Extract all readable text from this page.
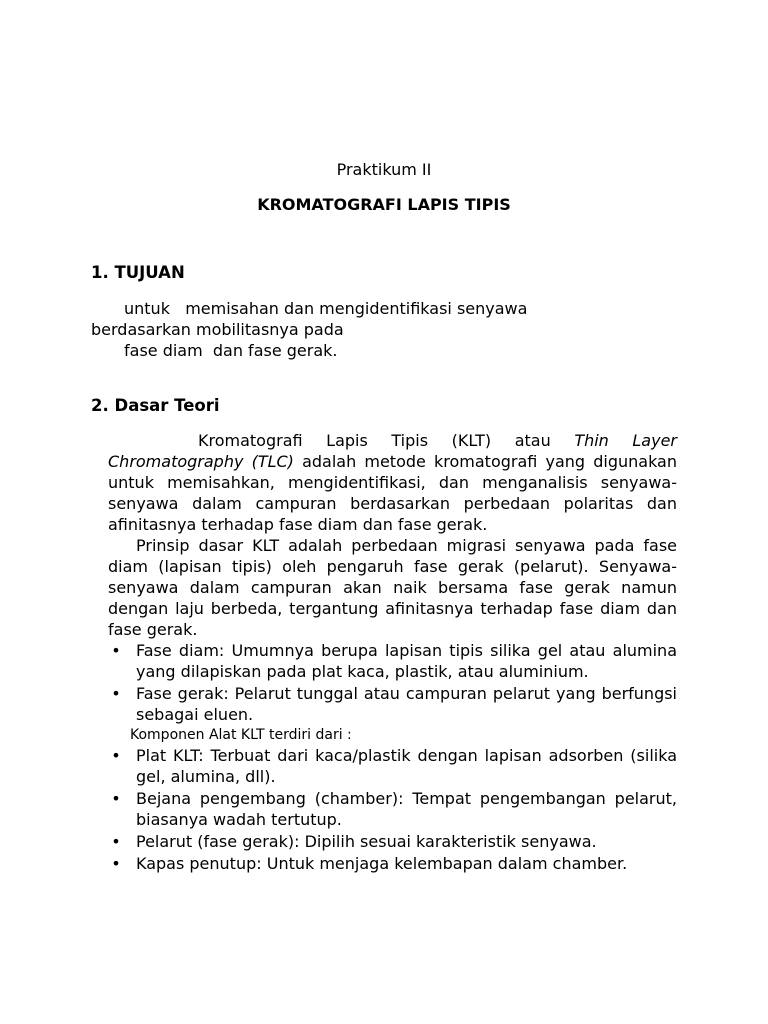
Praktikum II
KROMATOGRAFI LAPIS TIPIS
1. TUJUAN
untuk   memisahan dan mengidentifikasi senyawa
berdasarkan mobilitasnya pada
fase diam  dan fase gerak.
2. Dasar Teori

Kromatografi Lapis Tipis (KLT) atau Thin Layer Chromatography (TLC) adalah metode kromatografi yang digunakan untuk memisahkan, mengidentifikasi, dan menganalisis senyawa-senyawa dalam campuran berdasarkan perbedaan polaritas dan afinitasnya terhadap fase diam dan fase gerak.

Prinsip dasar KLT adalah perbedaan migrasi senyawa pada fase diam (lapisan tipis) oleh pengaruh fase gerak (pelarut). Senyawa-senyawa dalam campuran akan naik bersama fase gerak namun dengan laju berbeda, tergantung afinitasnya terhadap fase diam dan fase gerak.

• Fase diam: Umumnya berupa lapisan tipis silika gel atau alumina yang dilapiskan pada plat kaca, plastik, atau aluminium.
• Fase gerak: Pelarut tunggal atau campuran pelarut yang berfungsi sebagai eluen.

Komponen Alat KLT terdiri dari :

• Plat KLT: Terbuat dari kaca/plastik dengan lapisan adsorben (silika gel, alumina, dll).
• Bejana pengembang (chamber): Tempat pengembangan pelarut, biasanya wadah tertutup.
• Pelarut (fase gerak): Dipilih sesuai karakteristik senyawa.
• Kapas penutup: Untuk menjaga kelembapan dalam chamber.
